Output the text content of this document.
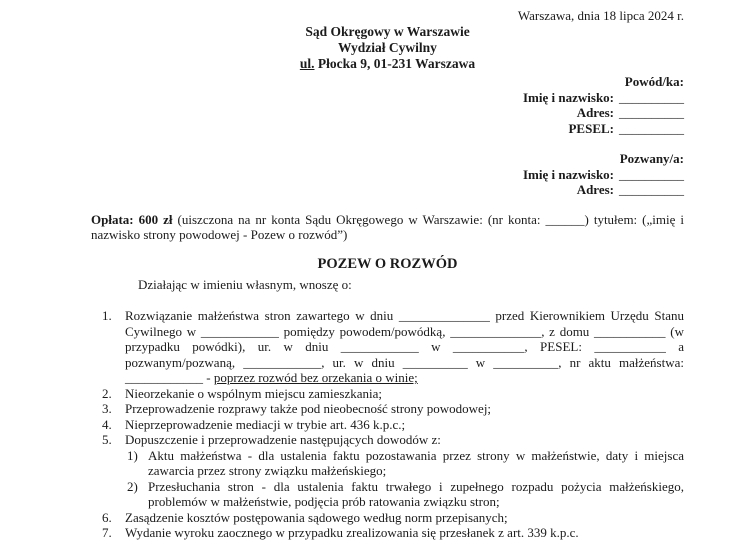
Warszawa, dnia 18 lipca 2024 r.
Sąd Okręgowy w Warszawie
Wydział Cywilny
ul. Płocka 9, 01-231 Warszawa
Powód/ka:
Imię i nazwisko: __________
Adres: __________
PESEL: __________
Pozwany/a:
Imię i nazwisko: __________
Adres: __________

Opłata: 600 zł (uiszczona na nr konta Sądu Okręgowego w Warszawie: (nr konta: ______) tytułem: („imię i nazwisko strony powodowej - Pozew o rozwód”)

POZEW O ROZWÓD

Działając w imieniu własnym, wnoszę o:

1.	Rozwiązanie małżeństwa stron zawartego w dniu ______________ przed Kierownikiem Urzędu Stanu Cywilnego w ____________ pomiędzy powodem/powódką, ______________, z domu ___________ (w przypadku powódki), ur. w dniu ____________ w ___________, PESEL: ___________ a pozwanym/pozwaną, ____________, ur. w dniu __________ w __________, nr aktu małżeństwa: ____________ - poprzez rozwód bez orzekania o winie;
2.	Nieorzekanie o wspólnym miejscu zamieszkania;
3.	Przeprowadzenie rozprawy także pod nieobecność strony powodowej;
4.	Nieprzeprowadzenie mediacji w trybie art. 436 k.p.c.;
5.	Dopuszczenie i przeprowadzenie następujących dowodów z:
1) Aktu małżeństwa - dla ustalenia faktu pozostawania przez strony w małżeństwie, daty i miejsca zawarcia przez strony związku małżeńskiego;
2) Przesłuchania stron - dla ustalenia faktu trwałego i zupełnego rozpadu pożycia małżeńskiego, problemów w małżeństwie, podjęcia prób ratowania związku stron;
6.	Zasądzenie kosztów postępowania sądowego według norm przepisanych;
7.	Wydanie wyroku zaocznego w przypadku zrealizowania się przesłanek z art. 339 k.p.c.
